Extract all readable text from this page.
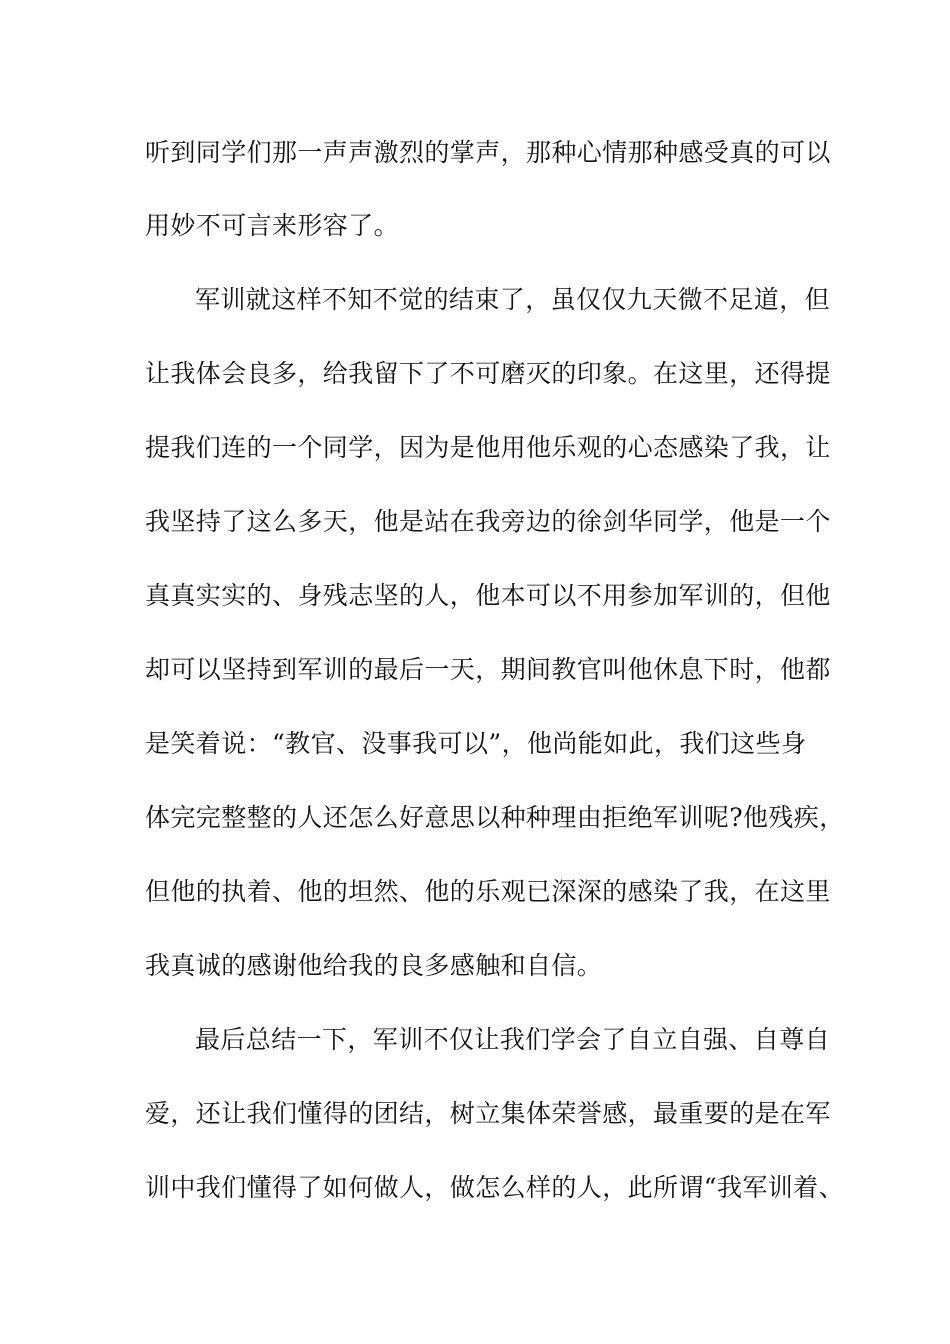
听到同学们那一声声激烈的掌声，那种心情那种感受真的可以
用妙不可言来形容了。
军训就这样不知不觉的结束了，虽仅仅九天微不足道，但
让我体会良多，给我留下了不可磨灭的印象。在这里，还得提
提我们连的一个同学，因为是他用他乐观的心态感染了我，让
我坚持了这么多天，他是站在我旁边的徐剑华同学，他是一个
真真实实的、身残志坚的人，他本可以不用参加军训的，但他
却可以坚持到军训的最后一天，期间教官叫他休息下时，他都
是笑着说：“教官、没事我可以”，他尚能如此，我们这些身
体完完整整的人还怎么好意思以种种理由拒绝军训呢?他残疾，
但他的执着、他的坦然、他的乐观已深深的感染了我，在这里
我真诚的感谢他给我的良多感触和自信。
最后总结一下，军训不仅让我们学会了自立自强、自尊自
爱，还让我们懂得的团结，树立集体荣誉感，最重要的是在军
训中我们懂得了如何做人，做怎么样的人，此所谓“我军训着、
